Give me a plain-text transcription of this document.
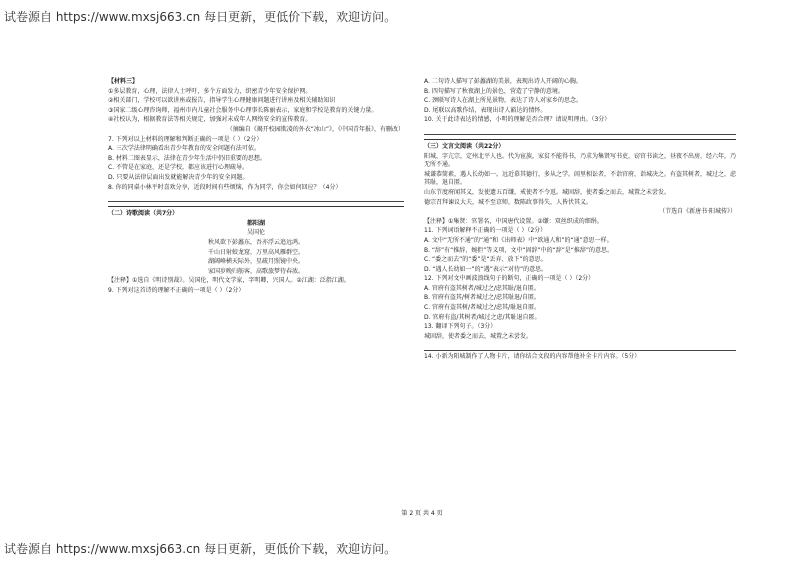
试卷源自 https://www.mxsj663.cn 每日更新，更低价下载，欢迎访问。

【材料三】

①多层教育，心理，法律人士呼吁，多个方面发力，织密青少年安全保护网。

②相关部门，学校可以欲讲座或报告，指导学生心理健康问题进行讲座及相关辅助知识

③国家二级心理咨询师，福州市内儿童社会服务中心理事长陈丽表示，家庭和学校是教育的关键力量。

④社校认为，根据教育法等相关规定，加强对未成年人网络安全的宣传教育。

（摘编自《揭开校园欺凌的外衣“冰山”》，《中国青年报》，有删改）

7. 下列对以上材料的理解和判断正确的一项是（ ）（2分）

A. 三次学法律明确看出青少年教育的安全问题有法可依。

B. 材料二图表显示，法律在青少年生活中仍旧重要的思想。

C. 不管是在家庭，还是学校，都应该进行心理疏导。

D. 只要从法律层面出发就能解决青少年的安全问题。

8. 你的同桌小林平时喜欢分享，近段时间有些烦恼，作为同学，你会如何回应？（4分）

（二）诗歌阅读（共7分）

都阳湖

吴国伦

秋风欲下彭蠡东，吾亦浮云追远鸿。

千山日射蛟龙窟，万里高风雁群空。

湖阔峰横天际外，星疏月照镜中央。

家国岁晚归舫客，高歌旅梦待春浓。

【注释】①选自《明诗别裁》。吴国伦，明代文学家，字明卿，兴国人。②江湖：泛指江湖。

9. 下列对这首诗的理解不正确的一项是（ ）（2分）

A. 二句诗人描写了彭蠡湖的美景，表现出诗人开阔的心胸。

B. 四句描写了秋夜湖上的景色，营造了宁静的意境。

C. 颈联写诗人在湖上所见景物，表达了诗人对家乡的思念。

D. 尾联以高歌作结，表现出诗人豁达的情怀。

10. 关于此诗表达的情感，小明的理解是否合理？请说明理由。（3分）

（三）文言文阅读（共22分）

阳城，字亢宗，定州北平人也。代为宦族，家贫不能得书，乃求为集贤写书吏，窃官书读之，昼夜不出房，经六年，乃无所不通。

城谦恭简素，遇人长幼如一。远近慕其德行，多从之学。闾里相讼者，不诣官府，诣城决之。有盗其树者，城过之，虑其耻，退自匿。

山东节度府闻其义，发使遗五百缣，戒使者不令返。城固辞，使者委之而去，城置之未尝发。

德宗召拜谏议大夫，城不至京师，数陈政事得失，人皆伏其义。

（节选自《新唐书·阳城传》）

【注释】①集贤：官署名，中国唐代设置。②缣：双丝织成的细绢。

11. 下列词语解释不正确的一项是（ ）（2分）

A. 文中“无所不通”的“通”和《出师表》中“欲通人和”的“通”意思一样。

B. “辞”有“推辞、婉拒”等义项，文中“固辞”中的“辞”是“推辞”的意思。

C. “委之而去”的“委”是“丢弃、放下”的意思。

D. “遇人长幼如一”的“遇”表示“对待”的意思。

12. 下列对文中画波浪线句子的断句，正确的一项是（ ）（2分）

A. 官府有盗其树者/城过之/虑其耻/退自匿。

B. 官府有盗其/树者城过之/虑其耻退/自匿。

C. 官府有盗其树/者城过之/虑其/耻退自匿。

D. 官府有盗/其树者/城过之虑/其耻退自匿。

13. 翻译下列句子。（3分）

城固辞，使者委之而去，城置之未尝发。

14. 小新为阳城制作了人物卡片，请你结合文段的内容帮他补全卡片内容。（5分）

第 2 页 共 4 页
试卷源自 https://www.mxsj663.cn 每日更新，更低价下载，欢迎访问。
